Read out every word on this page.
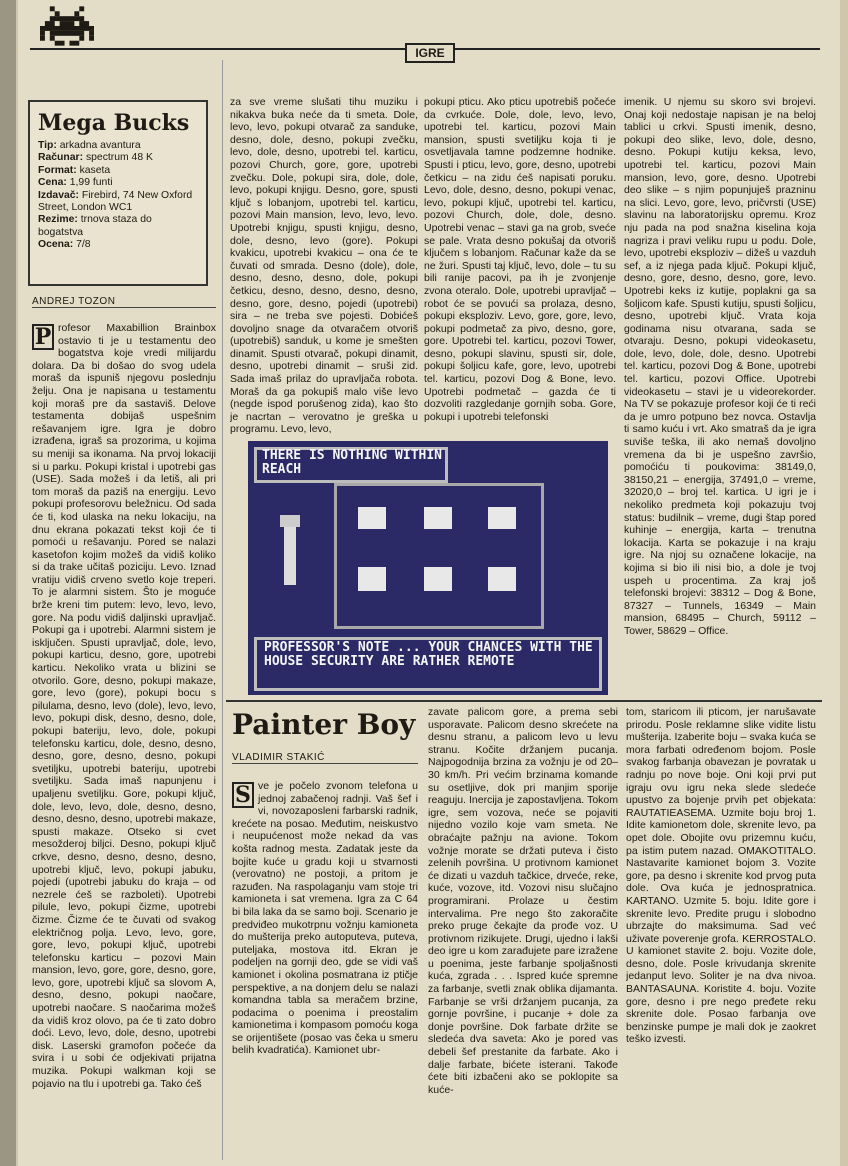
IGRE
Mega Bucks
Tip: arkadna avantura
Računar: spectrum 48 K
Format: kaseta
Cena: 1,99 funti
Izdavač: Firebird, 74 New Oxford Street, London WC1
Rezime: trnova staza do bogatstva
Ocena: 7/8
ANDREJ TOZON
P rofesor Maxabillion Brainbox ostavio ti je u testamentu deo bogatstva koje vredi milijardu dolara. Da bi došao do svog udela moraš da ispuniš njegovu poslednju želju. Ona je napisana u testamentu koji moraš pre da sastaviš. Delove testamenta dobijaš uspešnim rešavanjem igre. Igra je dobro izrađena, igraš sa prozorima, u kojima su meniji sa ikonama. Na prvoj lokaciji si u parku. Pokupi kristal i upotrebi gas (USE). Sada možeš i da letiš, ali pri tom moraš da paziš na energiju. Levo pokupi profesorovu beležnicu. Od sada će ti, kod ulaska na neku lokaciju, na dnu ekrana pokazati tekst koji će ti pomoći u rešavanju. Pored se nalazi kasetofon kojim možeš da vidiš koliko si da trake učitaš poziciju. Levo. Iznad vratiju vidiš crveno svetlo koje treperi. To je alarmni sistem. Što je moguće brže kreni tim putem: levo, levo, levo, gore. Na podu vidiš daljinski upravljač. Pokupi ga i upotrebi. Alarmni sistem je isključen. Spusti upravljač, dole, levo, pokupi karticu, desno, gore, upotrebi karticu. Nekoliko vrata u blizini se otvorilo. Gore, desno, pokupi makaze, gore, levo (gore), pokupi bocu s pilulama, desno, levo (dole), levo, levo, levo, pokupi disk, desno, desno, dole, pokupi bateriju, levo, dole, pokupi telefonsku karticu, dole, desno, desno, desno, gore, desno, desno, pokupi svetiljku, upotrebi bateriju, upotrebi svetiljku. Sada imaš napunjenu i upaljenu svetiljku. Gore, pokupi ključ, dole, levo, levo, dole, desno, desno, desno, desno, desno, upotrebi makaze, spusti makaze. Otseko si cvet mesožderoj biljci. Desno, pokupi ključ crkve, desno, desno, desno, desno, upotrebi ključ, levo, pokupi jabuku, pojedi (upotrebi jabuku do kraja – od nezrele ćeš se razboleti). Upotrebi pilule, levo, pokupi čizme, upotrebi čizme. Čizme će te čuvati od svakog električnog polja. Levo, levo, gore, gore, levo, pokupi ključ, upotrebi telefonsku karticu – pozovi Main mansion, levo, gore, gore, desno, gore, levo, gore, upotrebi ključ sa slovom A, desno, desno, pokupi naočare, upotrebi naočare. S naočarima možeš da vidiš kroz olovo, pa će ti zato dobro doći. Levo, levo, dole, desno, upotrebi disk. Laserski gramofon počeće da svira i u sobi će odjekivati prijatna muzika. Pokupi walkman koji se pojavio na tlu i upotrebi ga. Tako ćeš

za sve vreme slušati tihu muziku i nikakva buka neće da ti smeta. Dole, levo, levo, pokupi otvarač za sanduke, desno, dole, desno, pokupi zvečku, levo, dole, desno, upotrebi tel. karticu, pozovi Church, gore, gore, upotrebi zvečku. Dole, pokupi sira, dole, dole, levo, pokupi knjigu. Desno, gore, spusti ključ s lobanjom, upotrebi tel. karticu, pozovi Main mansion, levo, levo, levo. Upotrebi knjigu, spusti knjigu, desno, dole, desno, levo (gore). Pokupi kvakicu, upotrebi kvakicu – ona će te čuvati od smrada. Desno (dole), dole, desno, desno, desno, dole, pokupi četkicu, desno, desno, desno, desno, desno, gore, desno, pojedi (upotrebi) sira – ne treba sve pojesti. Dobićeš dovoljno snage da otvaračem otvoriš (upotrebiš) sanduk, u kome je smešten dinamit. Spusti otvarač, pokupi dinamit, desno, upotrebi dinamit – sruši zid. Sada imaš prilaz do upravljača robota. Moraš da ga pokupiš malo više levo (negde ispod porušenog zida), kao što je nacrtan – verovatno je greška u programu. Levo, levo,

pokupi pticu. Ako pticu upotrebiš počeće da cvrkuće. Dole, dole, levo, levo, upotrebi tel. karticu, pozovi Main mansion, spusti svetiljku koja ti je osvetljavala tamne podzemne hodnike. Spusti i pticu, levo, gore, desno, upotrebi četkicu – na zidu ćeš napisati poruku. Levo, dole, desno, desno, pokupi venac, levo, pokupi ključ, upotrebi tel. karticu, pozovi Church, dole, dole, desno. Upotrebi venac – stavi ga na grob, sveće se pale. Vrata desno pokušaj da otvoriš ključem s lobanjom. Računar kaže da se ne žuri. Spusti taj ključ, levo, dole – tu su bili ranije pacovi, pa ih je zvonjenje zvona oteralo. Dole, upotrebi upravljač – robot će se povući sa prolaza, desno, pokupi eksploziv. Levo, gore, gore, levo, pokupi podmetač za pivo, desno, gore, gore. Upotrebi tel. karticu, pozovi Tower, desno, pokupi slavinu, spusti sir, dole, pokupi šoljicu kafe, gore, levo, upotrebi tel. karticu, pozovi Dog & Bone, levo. Upotrebi podmetač – gazda će ti dozvoliti razgledanje gornjih soba. Gore, pokupi i upotrebi telefonski

imenik. U njemu su skoro svi brojevi. Onaj koji nedostaje napisan je na beloj tablici u crkvi. Spusti imenik, desno, pokupi deo slike, levo, dole, desno, desno. Pokupi kutiju keksa, levo, upotrebi tel. karticu, pozovi Main mansion, levo, gore, desno. Upotrebi deo slike – s njim popunjuješ prazninu na slici. Levo, gore, levo, pričvrsti (USE) slavinu na laboratorijsku opremu. Kroz nju pada na pod snažna kiselina koja nagriza i pravi veliku rupu u podu. Dole, levo, upotrebi eksploziv – dižeš u vazduh sef, a iz njega pada ključ. Pokupi ključ, desno, gore, desno, desno, gore, levo. Upotrebi keks iz kutije, poplakni ga sa šoljicom kafe. Spusti kutiju, spusti šoljicu, desno, upotrebi ključ. Vrata koja godinama nisu otvarana, sada se otvaraju. Desno, pokupi videokasetu, dole, levo, dole, dole, desno. Upotrebi tel. karticu, pozovi Dog & Bone, upotrebi tel. karticu, pozovi Office. Upotrebi videokasetu – stavi je u videorekorder. Na TV se pokazuje profesor koji će ti reći da je umro potpuno bez novca. Ostavlja ti samo kuću i vrt. Ako smatraš da je igra suviše teška, ili ako nemaš dovoljno vremena da bi je uspešno završio, pomoćiću ti poukovima: 38149,0, 38150,21 – energija, 37491,0 – vreme, 32020,0 – broj tel. kartica. U igri je i nekoliko predmeta koji pokazuju tvoj status: budilnik – vreme, dugi štap pored kuhinje – energija, karta – trenutna lokacija. Karta se pokazuje i na kraju igre. Na njoj su označene lokacije, na kojima si bio ili nisi bio, a dole je tvoj uspeh u procentima. Za kraj još telefonski brojevi: 38312 – Dog & Bone, 87327 – Tunnels, 16349 – Main mansion, 68495 – Church, 59112 – Tower, 58629 – Office.

THERE IS NOTHING WITHIN REACH
PROFESSOR'S NOTE ... YOUR CHANCES WITH THE HOUSE SECURITY ARE RATHER REMOTE
Painter Boy
VLADIMIR STAKIĆ
S ve je počelo zvonom telefona u jednoj zabačenoj radnji. Vaš šef i vi, novozaposleni farbarski radnik, krećete na posao. Međutim, neiskustvo i neupućenost može nekad da vas košta radnog mesta. Zadatak jeste da bojite kuće u gradu koji u stvarnosti (verovatno) ne postoji, a pritom je razuđen. Na raspolaganju vam stoje tri kamioneta i sat vremena. Igra za C 64 bi bila laka da se samo boji. Scenario je predviđeo mukotrpnu vožnju kamioneta do mušterija preko autoputeva, puteva, puteljaka, mostova itd. Ekran je podeljen na gornji deo, gde se vidi vaš kamionet i okolina posmatrana iz ptičje perspektive, a na donjem delu se nalazi komandna tabla sa meračem brzine, podacima o poenima i preostalim kamionetima i kompasom pomoću koga se orijentišete (posao vas čeka u smeru belih kvadratića). Kamionet ubr-

zavate palicom gore, a prema sebi usporavate. Palicom desno skrećete na desnu stranu, a palicom levo u levu stranu. Kočite držanjem pucanja. Najpogodnija brzina za vožnju je od 20–30 km/h. Pri većim brzinama komande su osetljive, dok pri manjim sporije reaguju. Inercija je zapostavljena. Tokom igre, sem vozova, neće se pojaviti nijedno vozilo koje vam smeta. Ne obraćajte pažnju na avione. Tokom vožnje morate se držati puteva i čisto zelenih površina. U protivnom kamionet će dizati u vazduh tačkice, drveće, reke, kuće, vozove, itd. Vozovi nisu slučajno programirani. Prolaze u čestim intervalima. Pre nego što zakoračite preko pruge čekajte da prođe voz. U protivnom rizikujete. Drugi, ujedno i lakši deo igre u kom zarađujete pare izražene u poenima, jeste farbanje spoljašnosti kuća, zgrada . . . Ispred kuće spremne za farbanje, svetli znak oblika dijamanta. Farbanje se vrši držanjem pucanja, za gornje površine, i pucanje + dole za donje površine. Dok farbate držite se sledeća dva saveta: Ako je pored vas debeli šef prestanite da farbate. Ako i dalje farbate, bićete isterani. Takođe ćete biti izbačeni ako se poklopite sa kuće-

tom, staricom ili pticom, jer narušavate prirodu. Posle reklamne slike vidite listu mušterija. Izaberite boju – svaka kuća se mora farbati određenom bojom. Posle svakog farbanja obavezan je povratak u radnju po nove boje. Oni koji prvi put igraju ovu igru neka slede sledeće upustvo za bojenje prvih pet objekata: RAUTATIEASEMA. Uzmite boju broj 1. Idite kamionetom dole, skrenite levo, pa opet dole. Obojite ovu prizemnu kuću, pa istim putem nazad. OMAKOTITALO. Nastavarite kamionet bojom 3. Vozite gore, pa desno i skrenite kod prvog puta dole. Ova kuća je jednospratnica. KARTANO. Uzmite 5. boju. Idite gore i skrenite levo. Predite prugu i slobodno ubrzajte do maksimuma. Sad već uživate poverenje grofa. KERROSTALO. U kamionet stavite 2. boju. Vozite dole, desno, dole. Posle krivudanja skrenite jedanput levo. Soliter je na dva nivoa. BANTASAUNA. Koristite 4. boju. Vozite gore, desno i pre nego pređete reku skrenite dole. Posao farbanja ove benzinske pumpe je mali dok je zaokret teško izvesti.
